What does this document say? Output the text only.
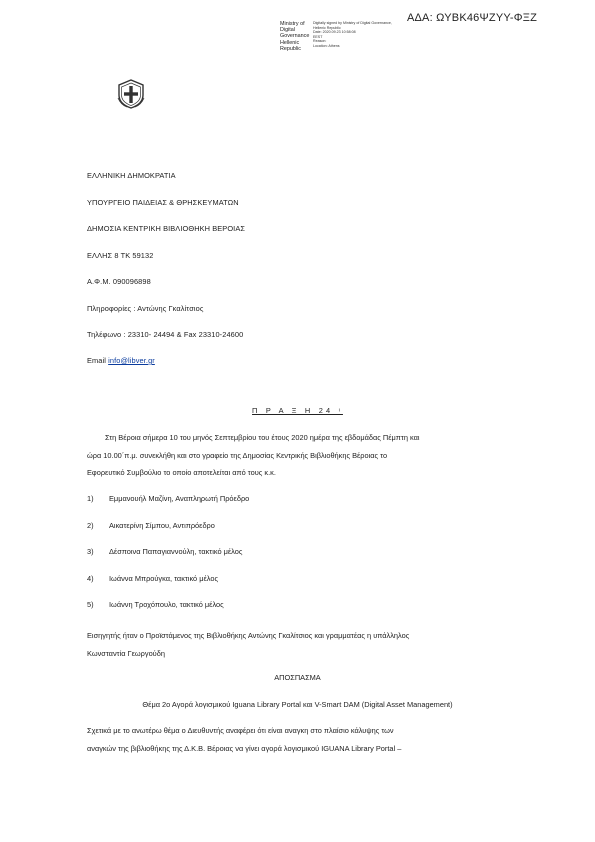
ΑΔΑ: ΩΥΒΚ46ΨΖΥΥ-ΦΞΖ
Ministry of Digital
Governance
Hellenic Republic
Digitally signed by Ministry of Digital Governance,
Hellenic Republic
Date: 2020.09.23 10:58:08
EEST
Reason:
Location: Athens
ΕΛΛΗΝΙΚΗ ΔΗΜΟΚΡΑΤΙΑ
ΥΠΟΥΡΓΕΙΟ ΠΑΙΔΕΙΑΣ & ΘΡΗΣΚΕΥΜΑΤΩΝ
ΔΗΜΟΣΙΑ ΚΕΝΤΡΙΚΗ ΒΙΒΛΙΟΘΗΚΗ ΒΕΡΟΙΑΣ
ΕΛΛΗΣ 8 ΤΚ 59132
Α.Φ.Μ. 090096898
Πληροφορίες : Αντώνης Γκαλίτσιος
Τηλέφωνο : 23310- 24494 & Fax 23310-24600
Email info@libver.gr
Π Ρ Α Ξ Η 24 ᶦ
Στη Βέροια σήμερα 10 του μηνός Σεπτεμβρίου του έτους 2020 ημέρα της εβδομάδας Πέμπτη και
ώρα 10.00΄π.μ. συνεκλήθη και στο γραφείο της Δημοσίας Κεντρικής Βιβλιοθήκης Βέροιας το
Εφορευτικό Συμβούλιο το οποίο αποτελείται από τους κ.κ.
1) Εμμανουήλ Μαζίνη, Αναπληρωτή Πρόεδρο
2) Αικατερίνη Σίμπου, Αντιπρόεδρο
3) Δέσποινα Παπαγιαννούλη, τακτικό μέλος
4) Ιωάννα Μπρούγκα, τακτικό μέλος
5) Ιωάννη Τροχόπουλο, τακτικό μέλος
Εισηγητής ήταν ο Προϊστάμενος της Βιβλιοθήκης Αντώνης Γκαλίτσιος και γραμματέας η υπάλληλος
Κωνσταντία Γεωργούδη
ΑΠΟΣΠΑΣΜΑ
Θέμα 2ο Αγορά λογισμικού Iguana Library Portal και V-Smart DAM (Digital Asset Management)
Σχετικά με το ανωτέρω θέμα ο Διευθυντής αναφέρει ότι είναι αναγκη στο πλαίσιο κάλυψης των
αναγκών της βιβλιοθήκης της Δ.Κ.Β. Βέροιας να γίνει αγορά λογισμικού IGUANA Library Portal –
